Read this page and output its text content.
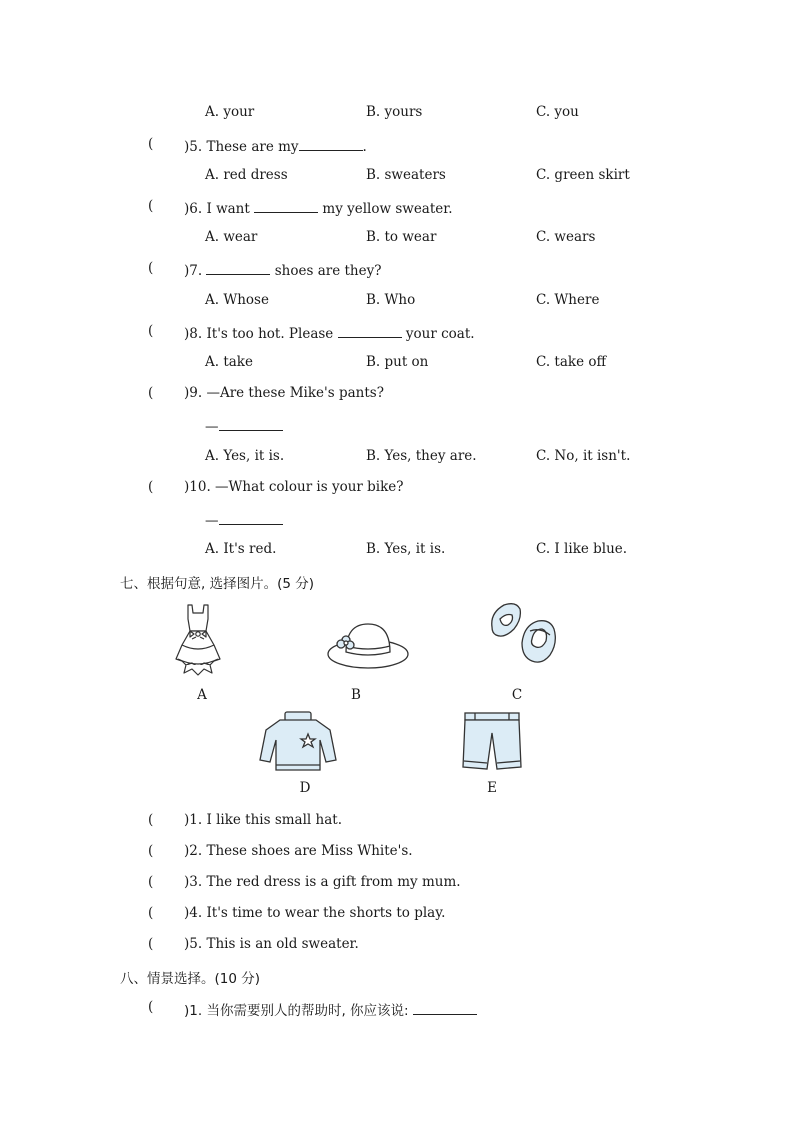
A. your	B. yours	C. you
( )5. These are my	.
A. red dress	B. sweaters	C. green skirt
( )6. I want	my yellow sweater.
A. wear	B. to wear	C. wears
( )7.	shoes are they?
A. Whose	B. Who	C. Where
( )8. It's too hot. Please	your coat.
A. take	B. put on	C. take off
( )9. —Are these Mike's pants?
—
A. Yes, it is.	B. Yes, they are.	C. No, it isn't.
( )10. —What colour is your bike?
—
A. It's red.	B. Yes, it is.	C. I like blue.
七、根据句意, 选择图片。(5 分)
A	B	C
D	E
( )1. I like this small hat.
( )2. These shoes are Miss White's.
( )3. The red dress is a gift from my mum.
( )4. It's time to wear the shorts to play.
( )5. This is an old sweater.
八、情景选择。(10 分)
( )1. 当你需要别人的帮助时, 你应该说:
